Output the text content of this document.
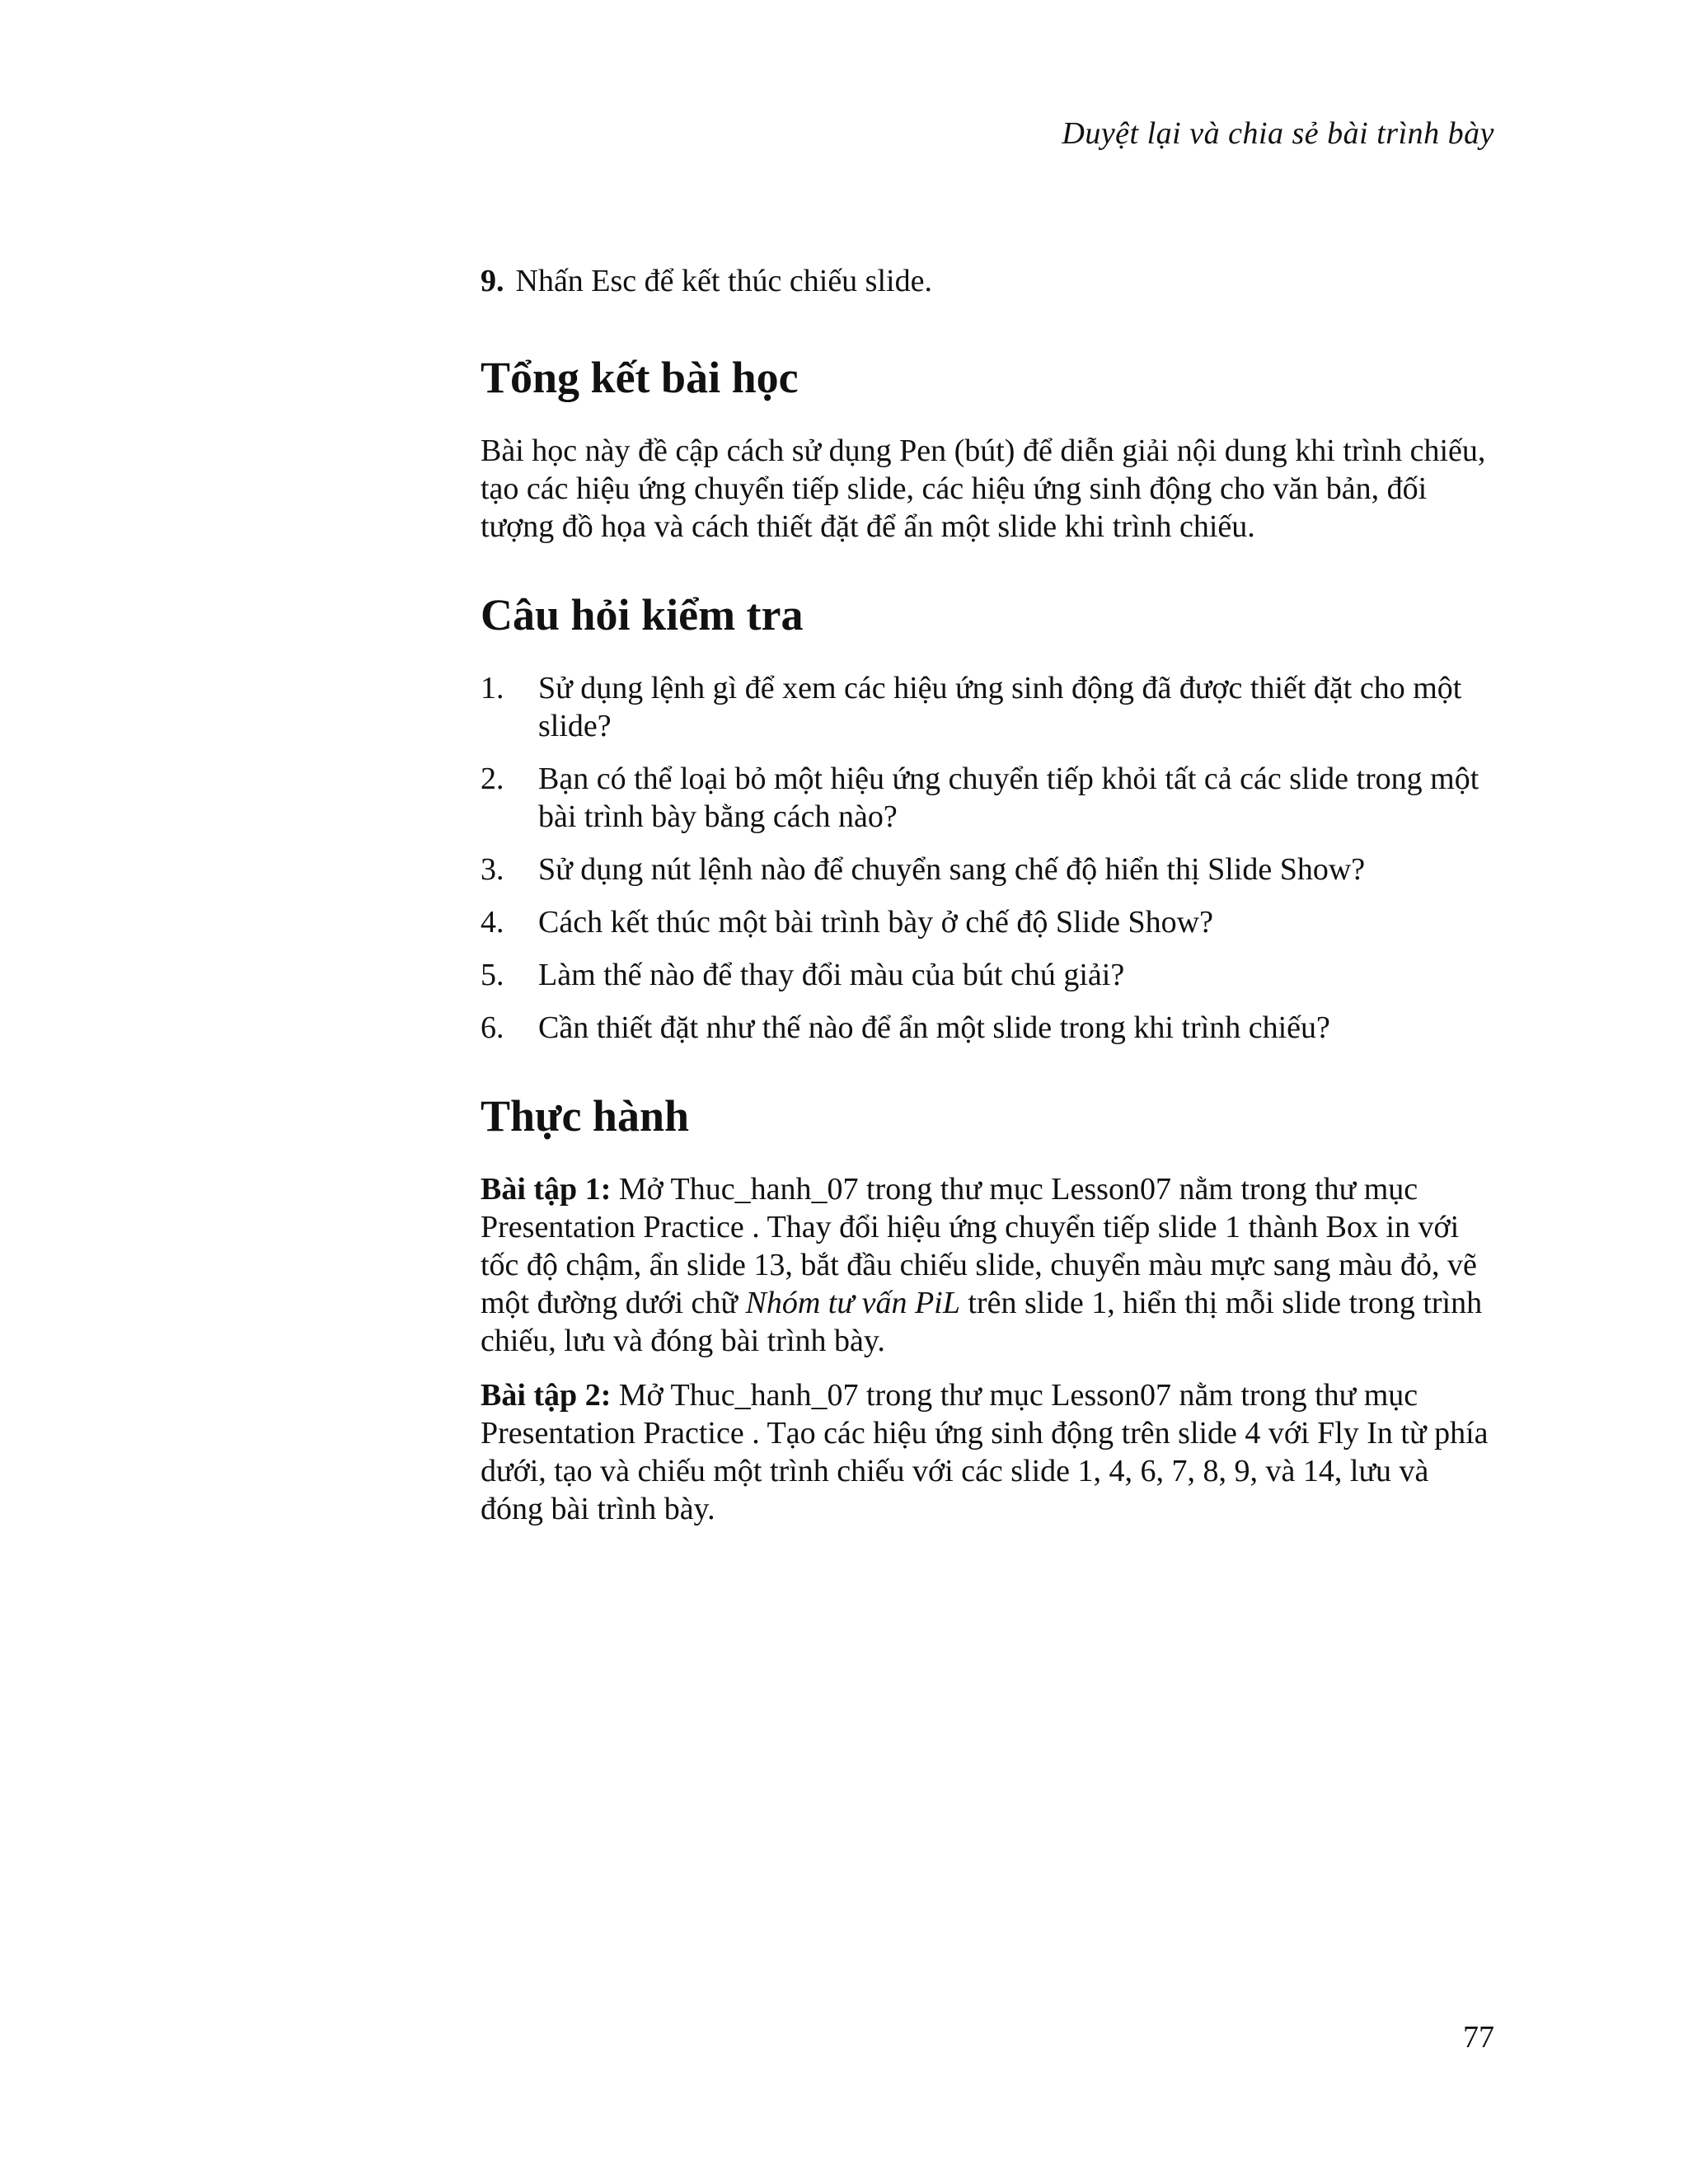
Duyệt lại và chia sẻ bài trình bày

9. Nhấn Esc để kết thúc chiếu slide.

Tổng kết bài học

Bài học này đề cập cách sử dụng Pen (bút) để diễn giải nội dung khi trình chiếu, tạo các hiệu ứng chuyển tiếp slide, các hiệu ứng sinh động cho văn bản, đối tượng đồ họa và cách thiết đặt để ẩn một slide khi trình chiếu.

Câu hỏi kiểm tra
1. Sử dụng lệnh gì để xem các hiệu ứng sinh động đã được thiết đặt cho một slide?
2. Bạn có thể loại bỏ một hiệu ứng chuyển tiếp khỏi tất cả các slide trong một bài trình bày bằng cách nào?
3. Sử dụng nút lệnh nào để chuyển sang chế độ hiển thị Slide Show?
4. Cách kết thúc một bài trình bày ở chế độ Slide Show?
5. Làm thế nào để thay đổi màu của bút chú giải?
6. Cần thiết đặt như thế nào để ẩn một slide trong khi trình chiếu?
Thực hành

Bài tập 1: Mở Thuc_hanh_07 trong thư mục Lesson07 nằm trong thư mục Presentation Practice . Thay đổi hiệu ứng chuyển tiếp slide 1 thành Box in với tốc độ chậm, ẩn slide 13, bắt đầu chiếu slide, chuyển màu mực sang màu đỏ, vẽ một đường dưới chữ Nhóm tư vấn PiL trên slide 1, hiển thị mỗi slide trong trình chiếu, lưu và đóng bài trình bày.

Bài tập 2: Mở Thuc_hanh_07 trong thư mục Lesson07 nằm trong thư mục Presentation Practice . Tạo các hiệu ứng sinh động trên slide 4 với Fly In từ phía dưới, tạo và chiếu một trình chiếu với các slide 1, 4, 6, 7, 8, 9, và 14, lưu và đóng bài trình bày.

77
